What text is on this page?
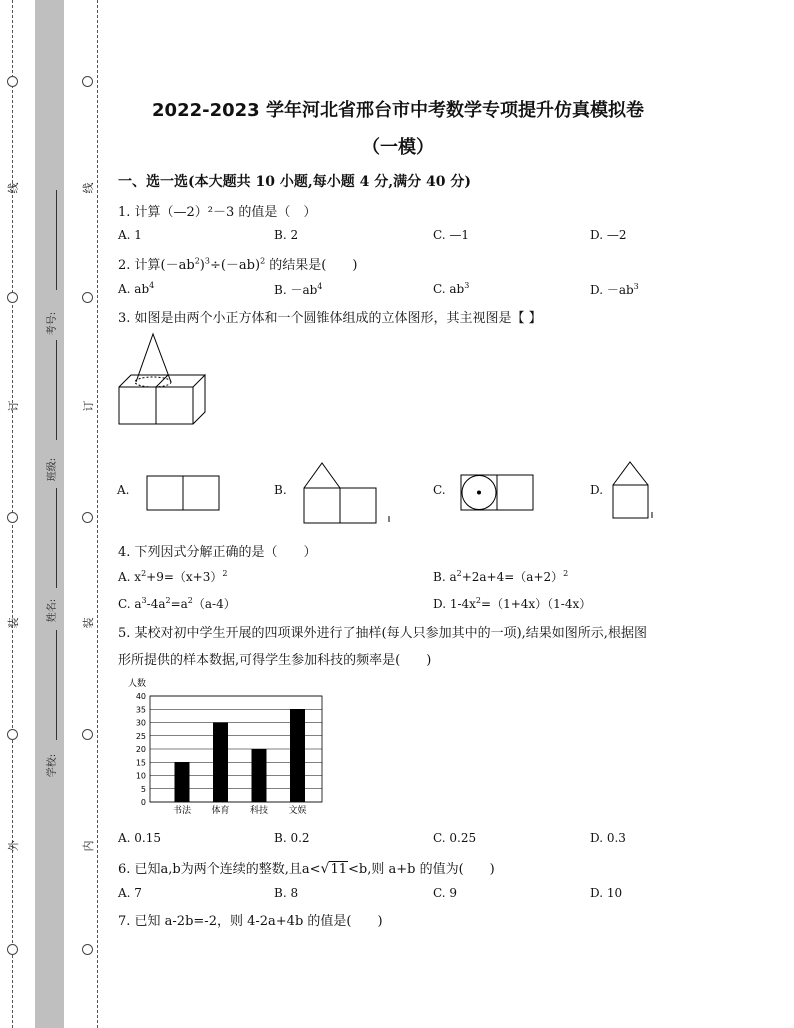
线
订
装
外
线
订
装
内
考号:
班级:
姓名:
学校:
2022-2023 学年河北省邢台市中考数学专项提升仿真模拟卷
（一模）
一、选一选(本大题共 10 小题,每小题 4 分,满分 40 分)
1. 计算（—2）²－3 的值是（　）
A. 1	B. 2	C. —1	D. —2
2. 计算$(-ab^2)^3\div(-ab)^2$ 的结果是(　　)
A. $ab^4$	B. $-ab^4$	C. $ab^3$	D. $-ab^3$
3. 如图是由两个小正方体和一个圆锥体组成的立体图形，其主视图是【 】
A.	B.	C.	D.
4. 下列因式分解正确的是（　　）
A. $x^2+9=(x+3)^2$	B. $a^2+2a+4=(a+2)^2$
C. $a^3-4a^2=a^2(a-4)$	D. $1-4x^2=(1+4x)(1-4x)$
5. 某校对初中学生开展的四项课外进行了抽样(每人只参加其中的一项),结果如图所示,根据图
形所提供的样本数据,可得学生参加科技的频率是(　　)
人数
0
5
10
15
20
25
30
35
40
书法 体育 科技 文娱
A. 0.15	B. 0.2	C. 0.25	D. 0.3
6. 已知a,b为两个连续的整数,且a<√11<b,则 a+b 的值为(　　)
A. 7	B. 8	C. 9	D. 10
7. 已知 a-2b=-2，则 4-2a+4b 的值是(　　)
